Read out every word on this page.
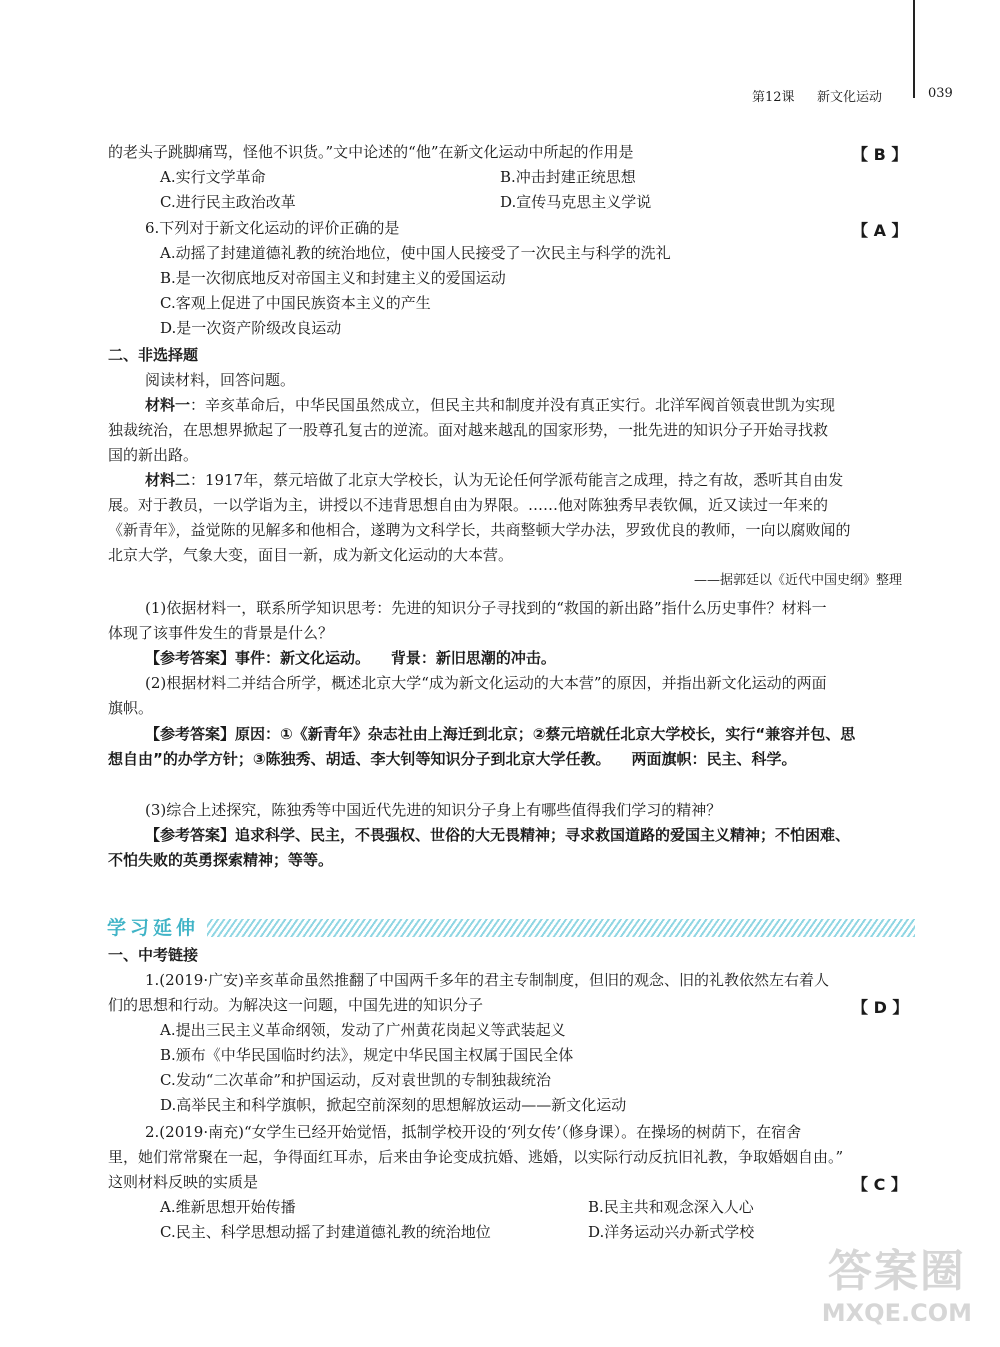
第12课 新文化运动	039
的老头子跳脚痛骂，怪他不识货。”文中论述的“他”在新文化运动中所起的作用是	【 B 】
A.实行文学革命	B.冲击封建正统思想
C.进行民主政治改革	D.宣传马克思主义学说
6.下列对于新文化运动的评价正确的是	【 A 】
A.动摇了封建道德礼教的统治地位，使中国人民接受了一次民主与科学的洗礼
B.是一次彻底地反对帝国主义和封建主义的爱国运动
C.客观上促进了中国民族资本主义的产生
D.是一次资产阶级改良运动
二、非选择题
阅读材料，回答问题。
材料一：辛亥革命后，中华民国虽然成立，但民主共和制度并没有真正实行。北洋军阀首领袁世凯为实现
独裁统治，在思想界掀起了一股尊孔复古的逆流。面对越来越乱的国家形势，一批先进的知识分子开始寻找救
国的新出路。
材料二：1917年，蔡元培做了北京大学校长，认为无论任何学派苟能言之成理，持之有故，悉听其自由发
展。对于教员，一以学诣为主，讲授以不违背思想自由为界限。……他对陈独秀早表钦佩，近又读过一年来的
《新青年》，益觉陈的见解多和他相合，遂聘为文科学长，共商整顿大学办法，罗致优良的教师，一向以腐败闻的
北京大学，气象大变，面目一新，成为新文化运动的大本营。
——据郭廷以《近代中国史纲》整理
(1)依据材料一，联系所学知识思考：先进的知识分子寻找到的“救国的新出路”指什么历史事件？材料一
体现了该事件发生的背景是什么？
【参考答案】事件：新文化运动。    背景：新旧思潮的冲击。
(2)根据材料二并结合所学，概述北京大学“成为新文化运动的大本营”的原因，并指出新文化运动的两面
旗帜。
【参考答案】原因：①《新青年》杂志社由上海迁到北京；②蔡元培就任北京大学校长，实行“兼容并包、思
想自由”的办学方针；③陈独秀、胡适、李大钊等知识分子到北京大学任教。    两面旗帜：民主、科学。
(3)综合上述探究，陈独秀等中国近代先进的知识分子身上有哪些值得我们学习的精神？
【参考答案】追求科学、民主，不畏强权、世俗的大无畏精神；寻求救国道路的爱国主义精神；不怕困难、
不怕失败的英勇探索精神；等等。
学习延伸
一、中考链接
1.(2019·广安)辛亥革命虽然推翻了中国两千多年的君主专制制度，但旧的观念、旧的礼教依然左右着人
们的思想和行动。为解决这一问题，中国先进的知识分子	【 D 】
A.提出三民主义革命纲领，发动了广州黄花岗起义等武装起义
B.颁布《中华民国临时约法》，规定中华民国主权属于国民全体
C.发动“二次革命”和护国运动，反对袁世凯的专制独裁统治
D.高举民主和科学旗帜，掀起空前深刻的思想解放运动——新文化运动
2.(2019·南充)“女学生已经开始觉悟，抵制学校开设的‘列女传’（修身课）。在操场的树荫下，在宿舍
里，她们常常聚在一起，争得面红耳赤，后来由争论变成抗婚、逃婚，以实际行动反抗旧礼教，争取婚姻自由。”
这则材料反映的实质是	【 C 】
A.维新思想开始传播	B.民主共和观念深入人心
C.民主、科学思想动摇了封建道德礼教的统治地位	D.洋务运动兴办新式学校
答案圈
MXQE.COM
